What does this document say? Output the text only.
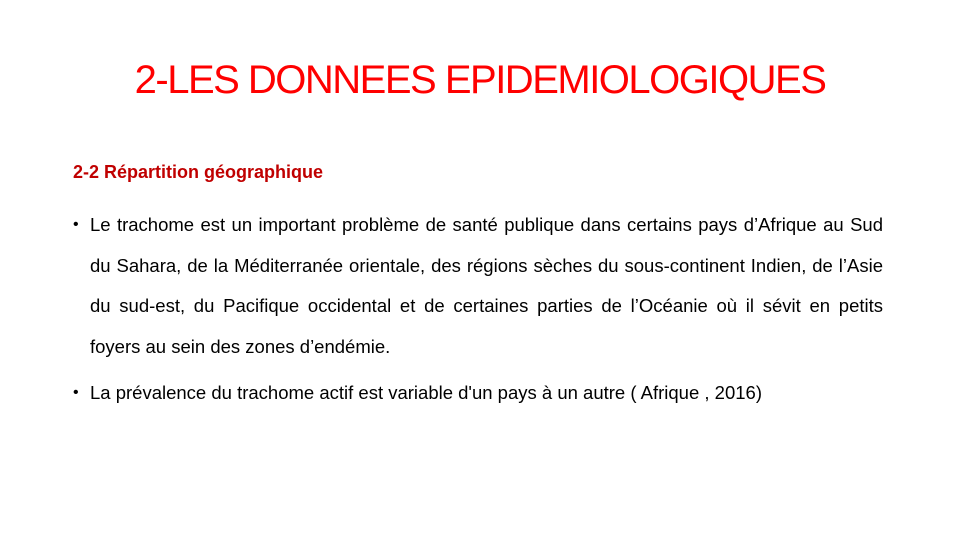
2-LES DONNEES EPIDEMIOLOGIQUES
2-2 Répartition géographique
• Le trachome est un important problème de santé publique dans certains pays d’Afrique au Sud du Sahara, de la Méditerranée orientale, des régions sèches du sous-continent Indien, de l’Asie du sud-est, du Pacifique occidental et de certaines parties de l’Océanie où il sévit en petits foyers au sein des zones d’endémie.
• La prévalence du trachome actif est variable d'un pays à un autre ( Afrique , 2016)
